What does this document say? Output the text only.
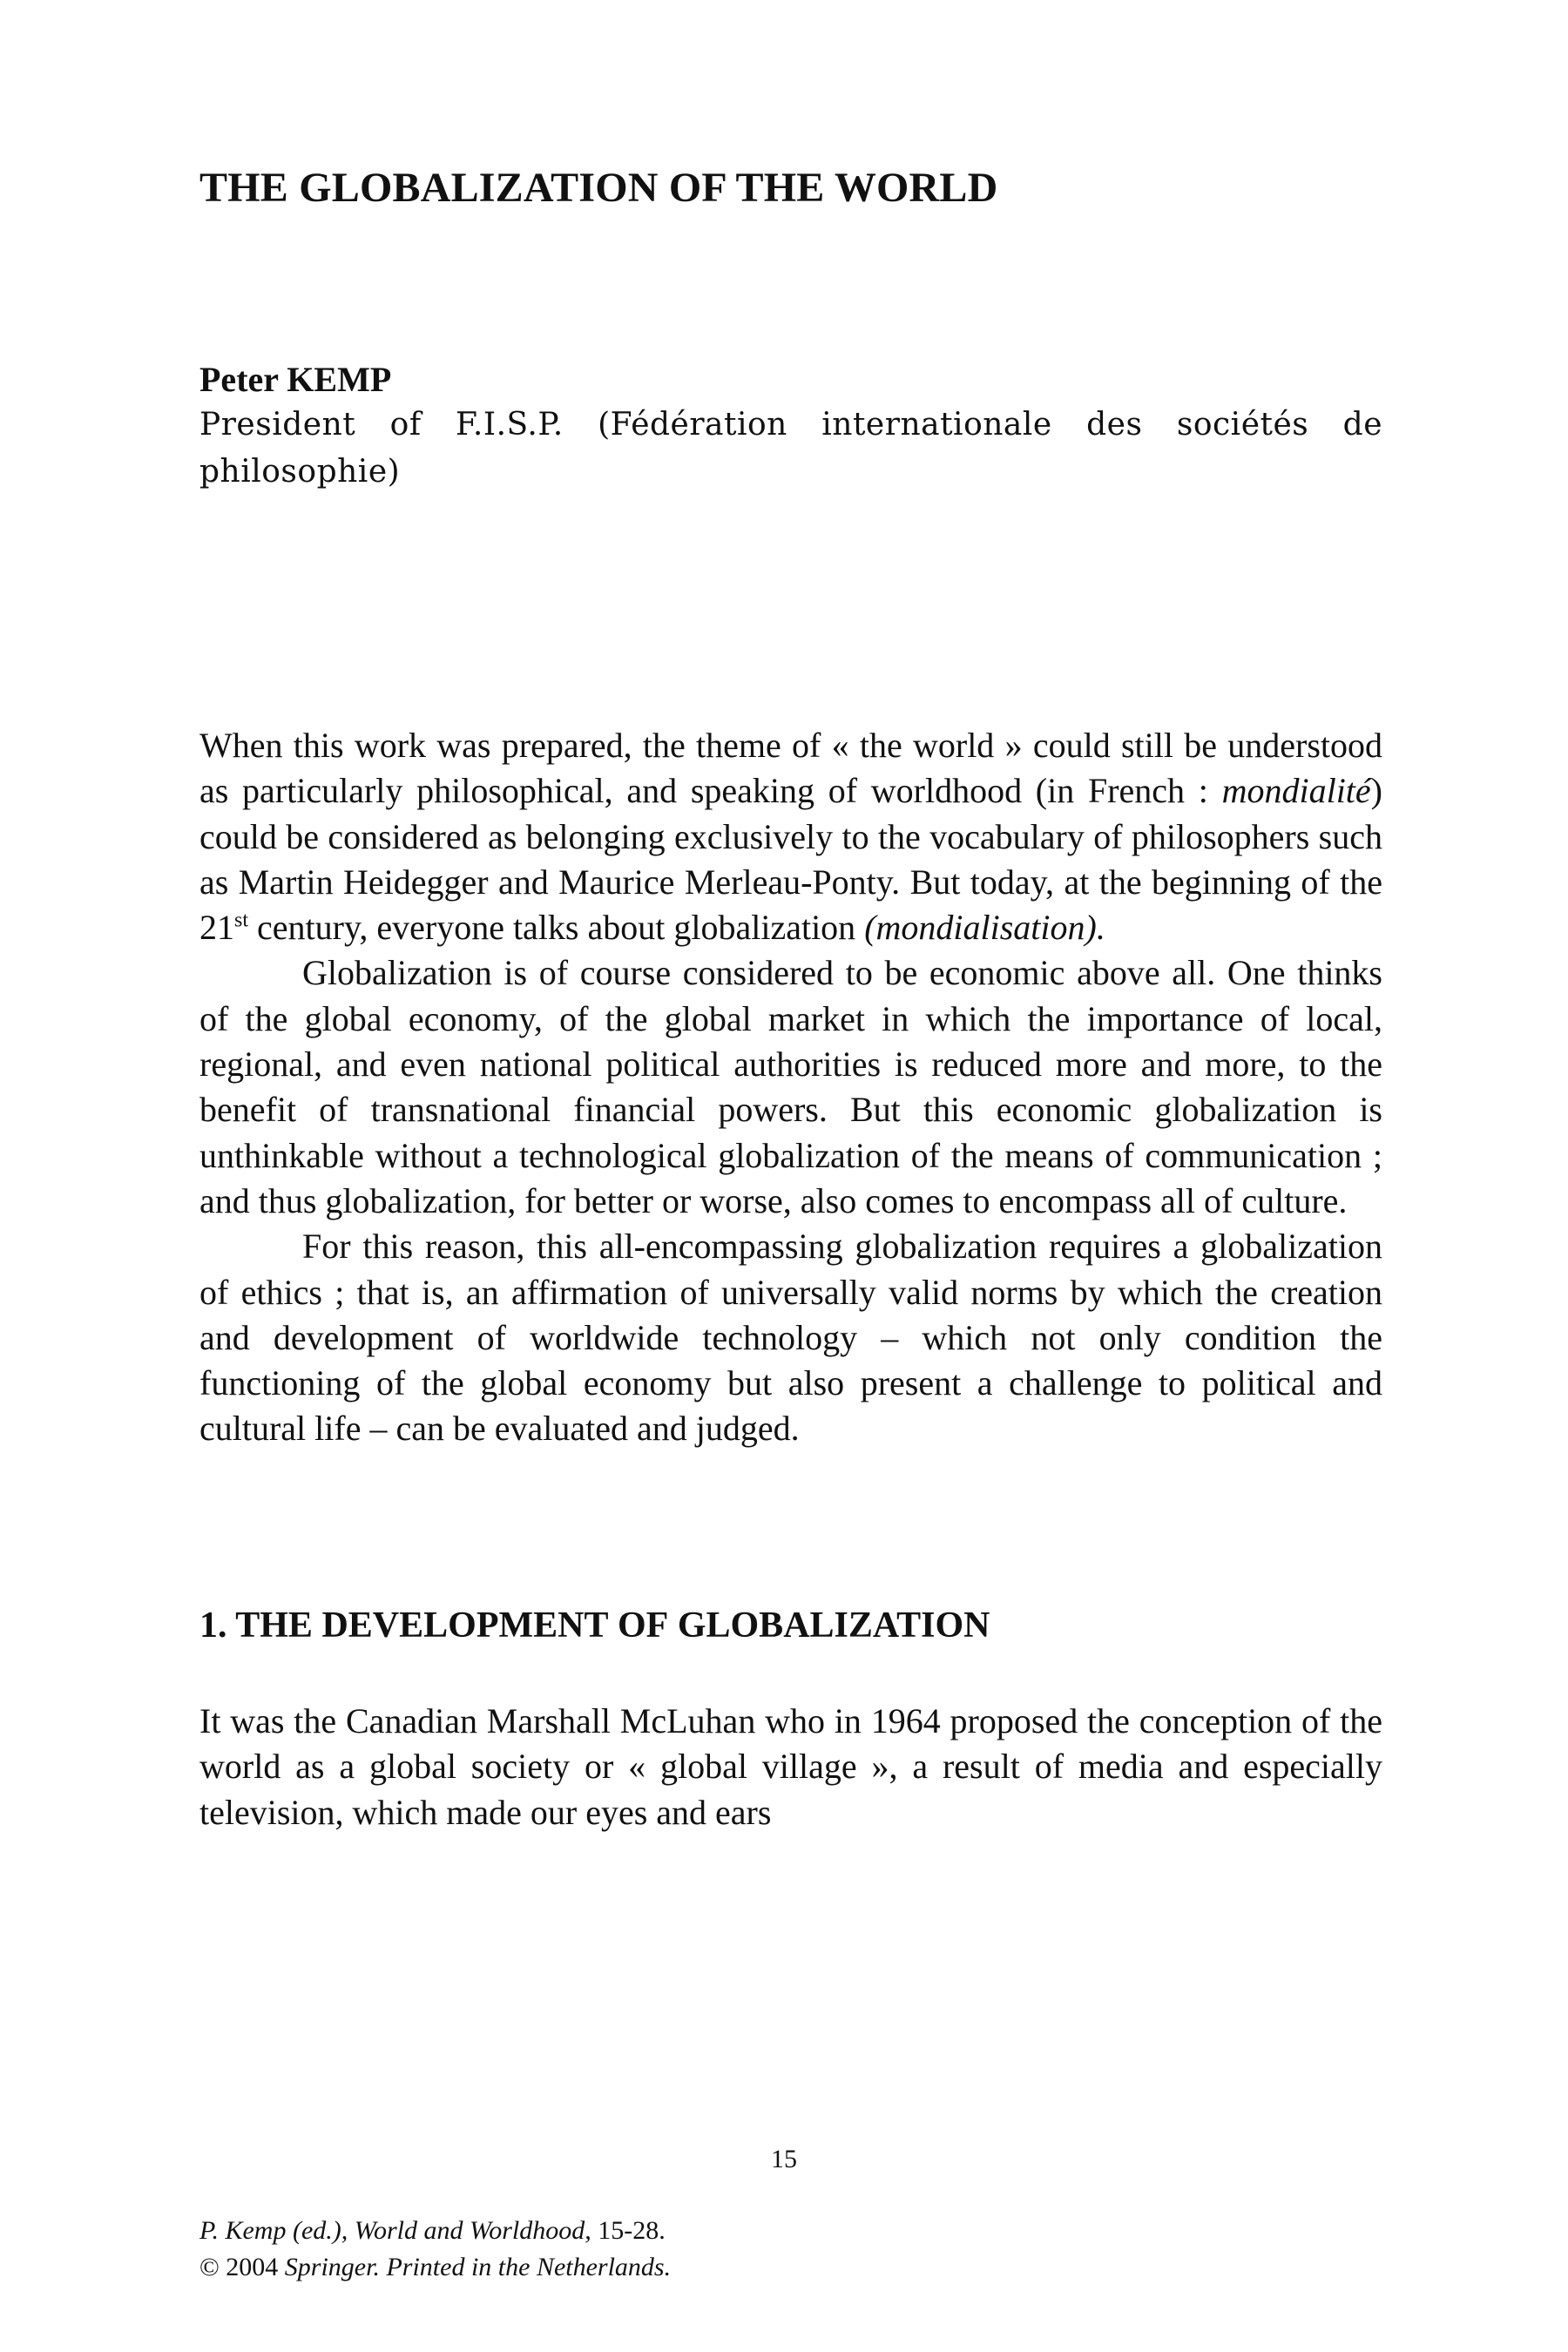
THE GLOBALIZATION OF THE WORLD
Peter KEMP
President of F.I.S.P. (Fédération internationale des sociétés de philosophie)

When this work was prepared, the theme of « the world » could still be understood as particularly philosophical, and speaking of worldhood (in French : mondialité) could be considered as belonging exclusively to the vocabulary of philosophers such as Martin Heidegger and Maurice Merleau-Ponty. But today, at the beginning of the 21st century, everyone talks about globalization (mondialisation).

Globalization is of course considered to be economic above all. One thinks of the global economy, of the global market in which the importance of local, regional, and even national political authorities is reduced more and more, to the benefit of transnational financial powers. But this economic globalization is unthinkable without a technological globalization of the means of communication ; and thus globalization, for better or worse, also comes to encompass all of culture.

For this reason, this all-encompassing globalization requires a globalization of ethics ; that is, an affirmation of universally valid norms by which the creation and development of worldwide technology – which not only condition the functioning of the global economy but also present a challenge to political and cultural life – can be evaluated and judged.

1. THE DEVELOPMENT OF GLOBALIZATION

It was the Canadian Marshall McLuhan who in 1964 proposed the conception of the world as a global society or « global village », a result of media and especially television, which made our eyes and ears

15
P. Kemp (ed.), World and Worldhood, 15-28.
© 2004 Springer. Printed in the Netherlands.
